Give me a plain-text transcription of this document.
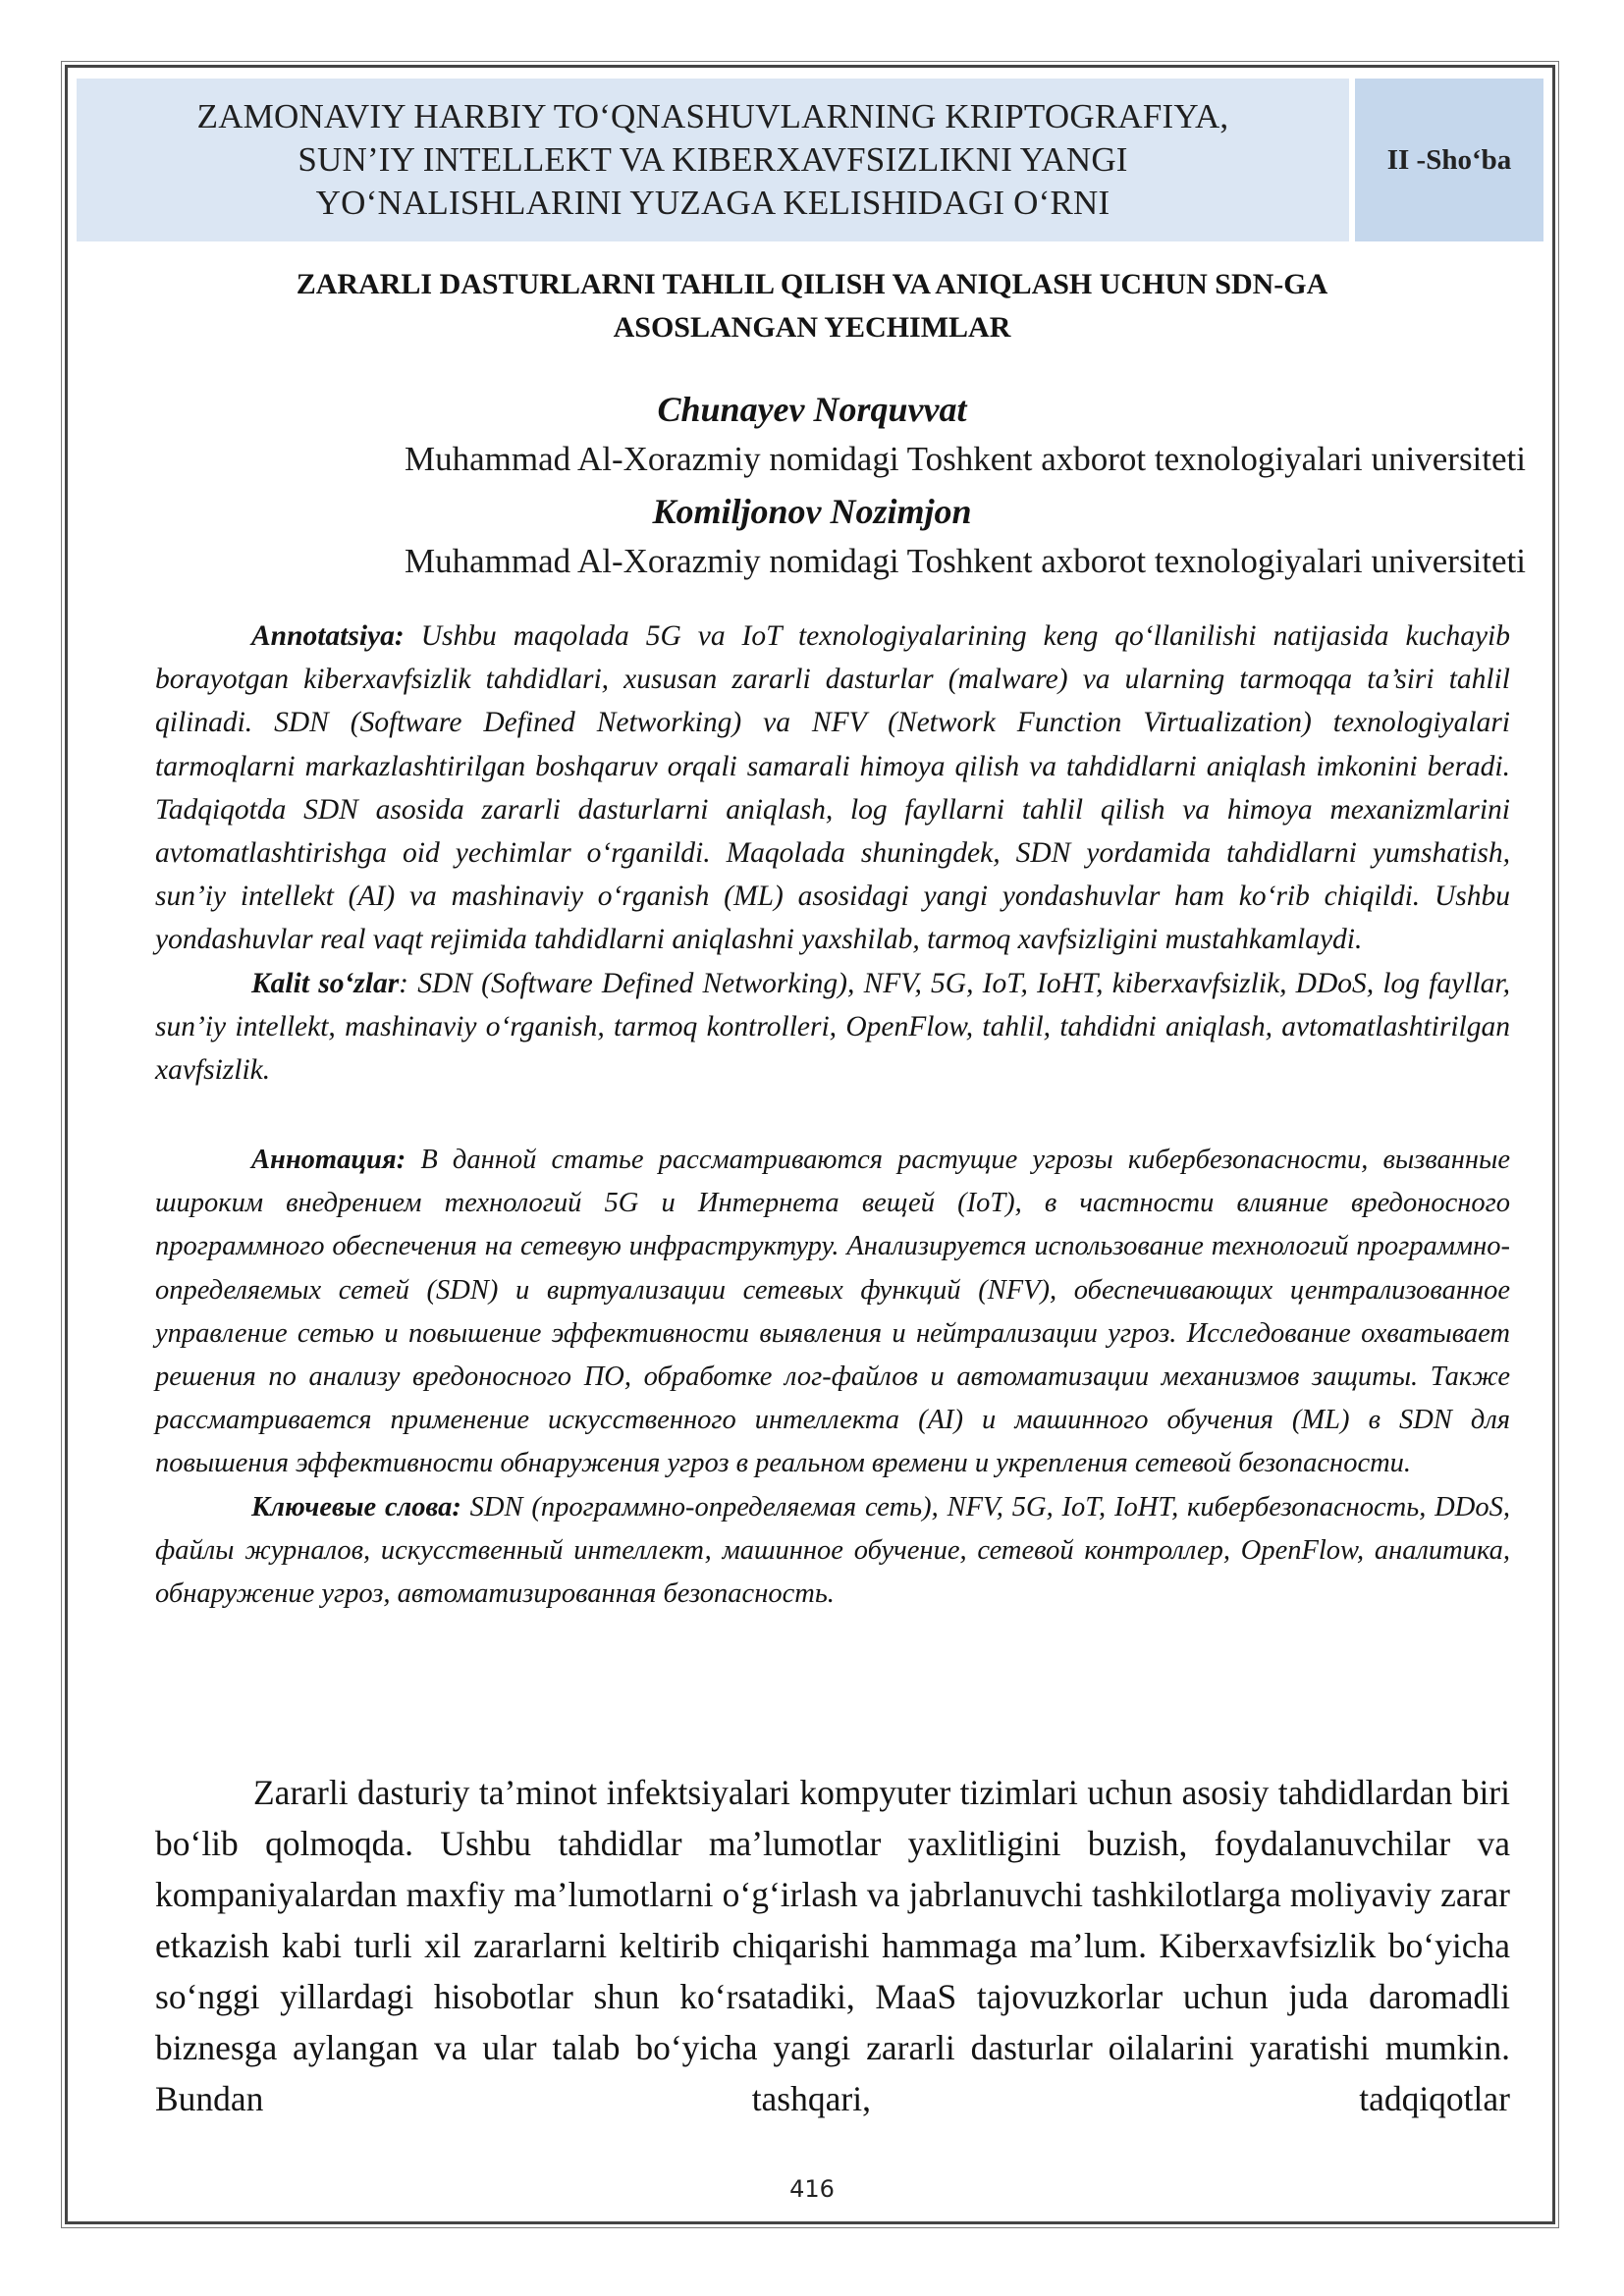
ZAMONAVIY HARBIY TO‘QNASHUVLARNING KRIPTOGRAFIYA,
SUN’IY INTELLEKT VA KIBERXAVFSIZLIKNI YANGI
YO‘NALISHLARINI YUZAGA KELISHIDAGI O‘RNI
II -Sho‘ba
ZARARLI DASTURLARNI TAHLIL QILISH VA ANIQLASH UCHUN SDN-GA
ASOSLANGAN YECHIMLAR
Chunayev Norquvvat
Muhammad Al-Xorazmiy nomidagi Toshkent axborot texnologiyalari universiteti
Komiljonov Nozimjon
Muhammad Al-Xorazmiy nomidagi Toshkent axborot texnologiyalari universiteti

Annotatsiya: Ushbu maqolada 5G va IoT texnologiyalarining keng qo‘llanilishi natijasida kuchayib borayotgan kiberxavfsizlik tahdidlari, xususan zararli dasturlar (malware) va ularning tarmoqqa ta’siri tahlil qilinadi. SDN (Software Defined Networking) va NFV (Network Function Virtualization) texnologiyalari tarmoqlarni markazlashtirilgan boshqaruv orqali samarali himoya qilish va tahdidlarni aniqlash imkonini beradi. Tadqiqotda SDN asosida zararli dasturlarni aniqlash, log fayllarni tahlil qilish va himoya mexanizmlarini avtomatlashtirishga oid yechimlar o‘rganildi. Maqolada shuningdek, SDN yordamida tahdidlarni yumshatish, sun’iy intellekt (AI) va mashinaviy o‘rganish (ML) asosidagi yangi yondashuvlar ham ko‘rib chiqildi. Ushbu yondashuvlar real vaqt rejimida tahdidlarni aniqlashni yaxshilab, tarmoq xavfsizligini mustahkamlaydi.

Kalit so‘zlar: SDN (Software Defined Networking), NFV, 5G, IoT, IoHT, kiberxavfsizlik, DDoS, log fayllar, sun’iy intellekt, mashinaviy o‘rganish, tarmoq kontrolleri, OpenFlow, tahlil, tahdidni aniqlash, avtomatlashtirilgan xavfsizlik.

Аннотация: В данной статье рассматриваются растущие угрозы кибербезопасности, вызванные широким внедрением технологий 5G и Интернета вещей (IoT), в частности влияние вредоносного программного обеспечения на сетевую инфраструктуру. Анализируется использование технологий программно-определяемых сетей (SDN) и виртуализации сетевых функций (NFV), обеспечивающих централизованное управление сетью и повышение эффективности выявления и нейтрализации угроз. Исследование охватывает решения по анализу вредоносного ПО, обработке лог-файлов и автоматизации механизмов защиты. Также рассматривается применение искусственного интеллекта (AI) и машинного обучения (ML) в SDN для повышения эффективности обнаружения угроз в реальном времени и укрепления сетевой безопасности.

Ключевые слова: SDN (программно-определяемая сеть), NFV, 5G, IoT, IoHT, кибербезопасность, DDoS, файлы журналов, искусственный интеллект, машинное обучение, сетевой контроллер, OpenFlow, аналитика, обнаружение угроз, автоматизированная безопасность.

Zararli dasturiy ta’minot infektsiyalari kompyuter tizimlari uchun asosiy tahdidlardan biri bo‘lib qolmoqda. Ushbu tahdidlar ma’lumotlar yaxlitligini buzish, foydalanuvchilar va kompaniyalardan maxfiy ma’lumotlarni o‘g‘irlash va jabrlanuvchi tashkilotlarga moliyaviy zarar etkazish kabi turli xil zararlarni keltirib chiqarishi hammaga ma’lum. Kiberxavfsizlik bo‘yicha so‘nggi yillardagi hisobotlar shun ko‘rsatadiki, MaaS tajovuzkorlar uchun juda daromadli biznesga aylangan va ular talab bo‘yicha yangi zararli dasturlar oilalarini yaratishi mumkin. Bundan tashqari, tadqiqotlar

416
